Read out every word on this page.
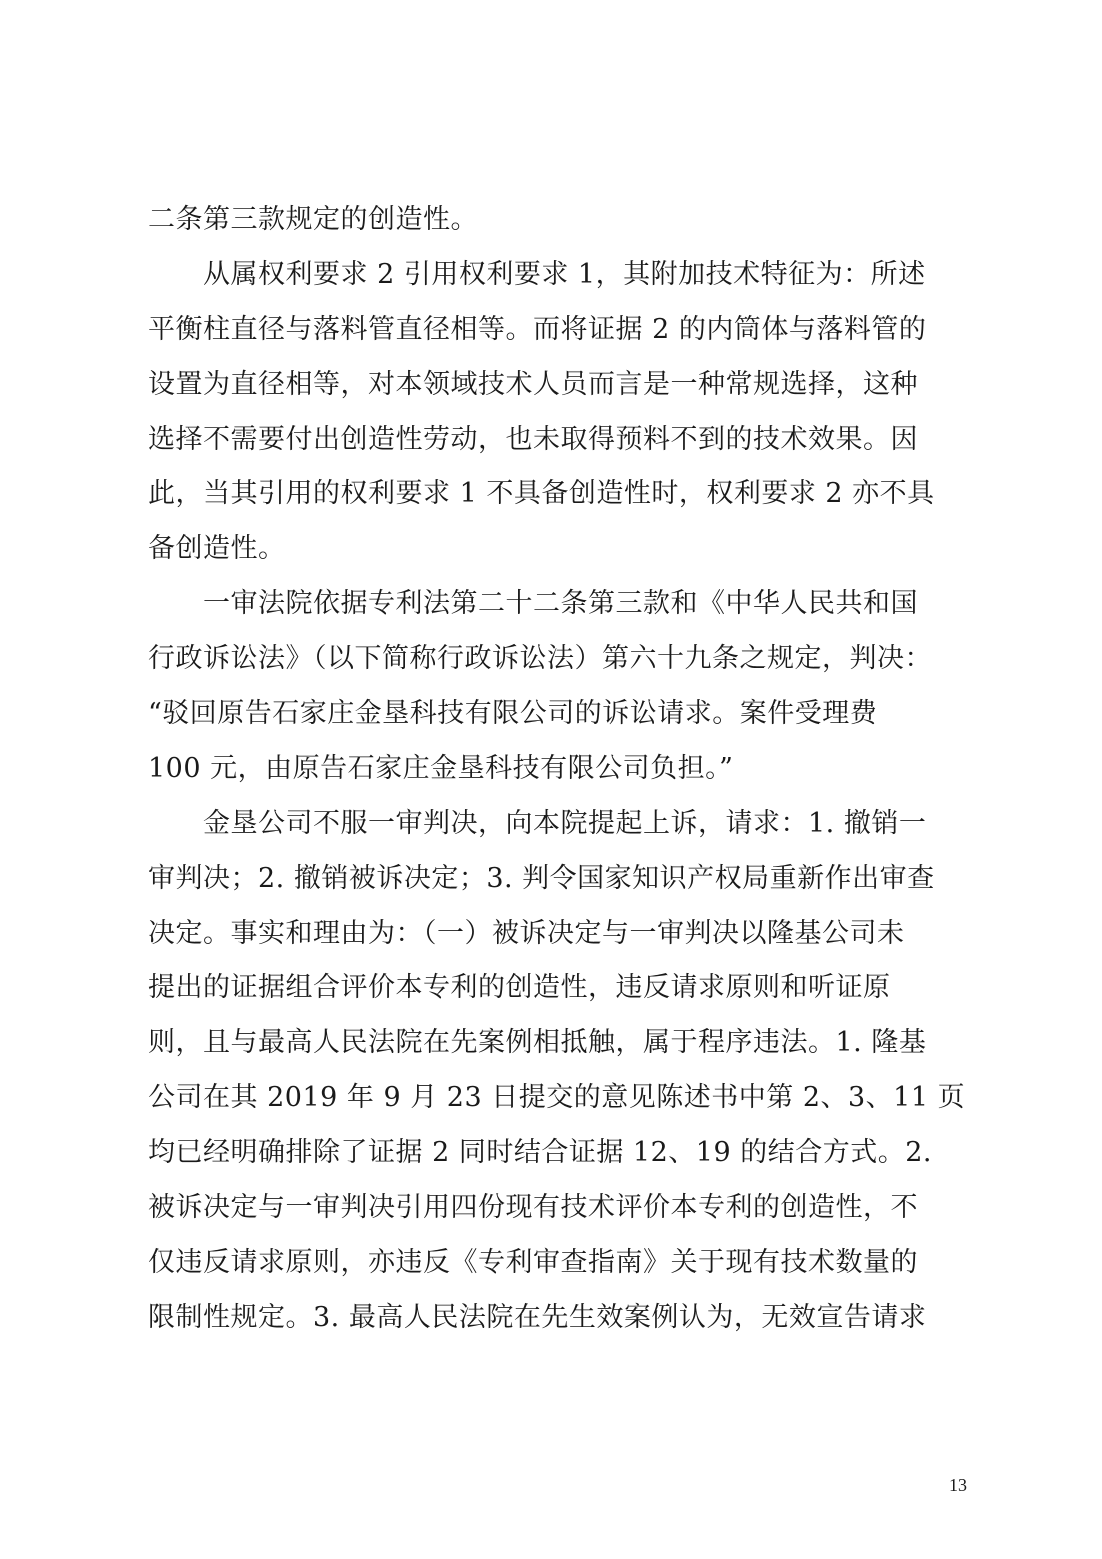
二条第三款规定的创造性。
　　从属权利要求 2 引用权利要求 1，其附加技术特征为：所述
平衡柱直径与落料管直径相等。而将证据 2 的内筒体与落料管的
设置为直径相等，对本领域技术人员而言是一种常规选择，这种
选择不需要付出创造性劳动，也未取得预料不到的技术效果。因
此，当其引用的权利要求 1 不具备创造性时，权利要求 2 亦不具
备创造性。
　　一审法院依据专利法第二十二条第三款和《中华人民共和国
行政诉讼法》（以下简称行政诉讼法）第六十九条之规定，判决：
“驳回原告石家庄金垦科技有限公司的诉讼请求。案件受理费
100 元，由原告石家庄金垦科技有限公司负担。”
　　金垦公司不服一审判决，向本院提起上诉，请求：1. 撤销一
审判决；2. 撤销被诉决定；3. 判令国家知识产权局重新作出审查
决定。事实和理由为：（一）被诉决定与一审判决以隆基公司未
提出的证据组合评价本专利的创造性，违反请求原则和听证原
则，且与最高人民法院在先案例相抵触，属于程序违法。1. 隆基
公司在其 2019 年 9 月 23 日提交的意见陈述书中第 2、3、11 页
均已经明确排除了证据 2 同时结合证据 12、19 的结合方式。2.
被诉决定与一审判决引用四份现有技术评价本专利的创造性，不
仅违反请求原则，亦违反《专利审查指南》关于现有技术数量的
限制性规定。3. 最高人民法院在先生效案例认为，无效宣告请求
13
